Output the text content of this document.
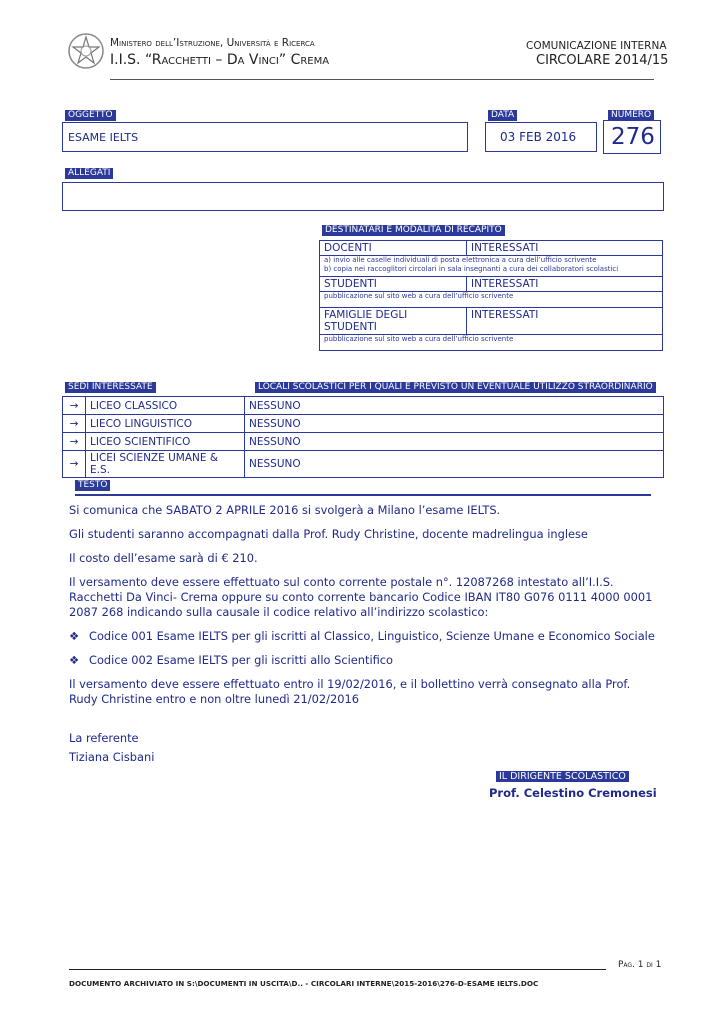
Ministero dell’Istruzione, Università e Ricerca
I.I.S. “Racchetti – Da Vinci” Crema
COMUNICAZIONE INTERNA
CIRCOLARE 2014/15
OGGETTO
ESAME IELTS
DATA
03 FEB 2016
NUMERO
276
ALLEGATI
DESTINATARI E MODALITÀ DI RECAPITO
DOCENTI	INTERESSATI

a) invio alle caselle individuali di posta elettronica a cura dell’ufficio scrivente
b) copia nei raccoglitori circolari in sala insegnanti a cura dei collaboratori scolastici	

STUDENTI	INTERESSATI

pubblicazione sul sito web a cura dell’ufficio scrivente	

FAMIGLIE DEGLI STUDENTI	INTERESSATI

pubblicazione sul sito web a cura dell’ufficio scrivente	
SEDI INTERESSATE	LOCALI SCOLASTICI PER I QUALI È PREVISTO UN EVENTUALE UTILIZZO STRAORDINARIO
→	LICEO CLASSICO	NESSUNO
→	LIECO LINGUISTICO	NESSUNO
→	LICEO SCIENTIFICO	NESSUNO
→	LICEI SCIENZE UMANE & E.S.	NESSUNO
TESTO

Si comunica che SABATO 2 APRILE 2016 si svolgerà a Milano l’esame IELTS.

Gli studenti saranno accompagnati dalla Prof. Rudy Christine, docente madrelingua inglese

Il costo dell’esame sarà di € 210.

Il versamento deve essere effettuato sul conto corrente postale n°. 12087268 intestato all’I.I.S. Racchetti Da Vinci- Crema oppure su conto corrente bancario Codice IBAN IT80 G076 0111 4000 0001 2087 268 indicando sulla causale il codice relativo all’indirizzo scolastico:

❖ Codice 001 Esame IELTS per gli iscritti al Classico, Linguistico, Scienze Umane e Economico Sociale

❖ Codice 002 Esame IELTS per gli iscritti allo Scientifico

Il versamento deve essere effettuato entro il 19/02/2016, e il bollettino verrà consegnato alla Prof. Rudy Christine entro e non oltre lunedì 21/02/2016

La referente

Tiziana Cisbani

IL DIRIGENTE SCOLASTICO
Prof. Celestino Cremonesi
Pag. 1 di 1
DOCUMENTO ARCHIVIATO IN S:\DOCUMENTI IN USCITA\D.. - CIRCOLARI INTERNE\2015-2016\276-D-ESAME IELTS.DOC
